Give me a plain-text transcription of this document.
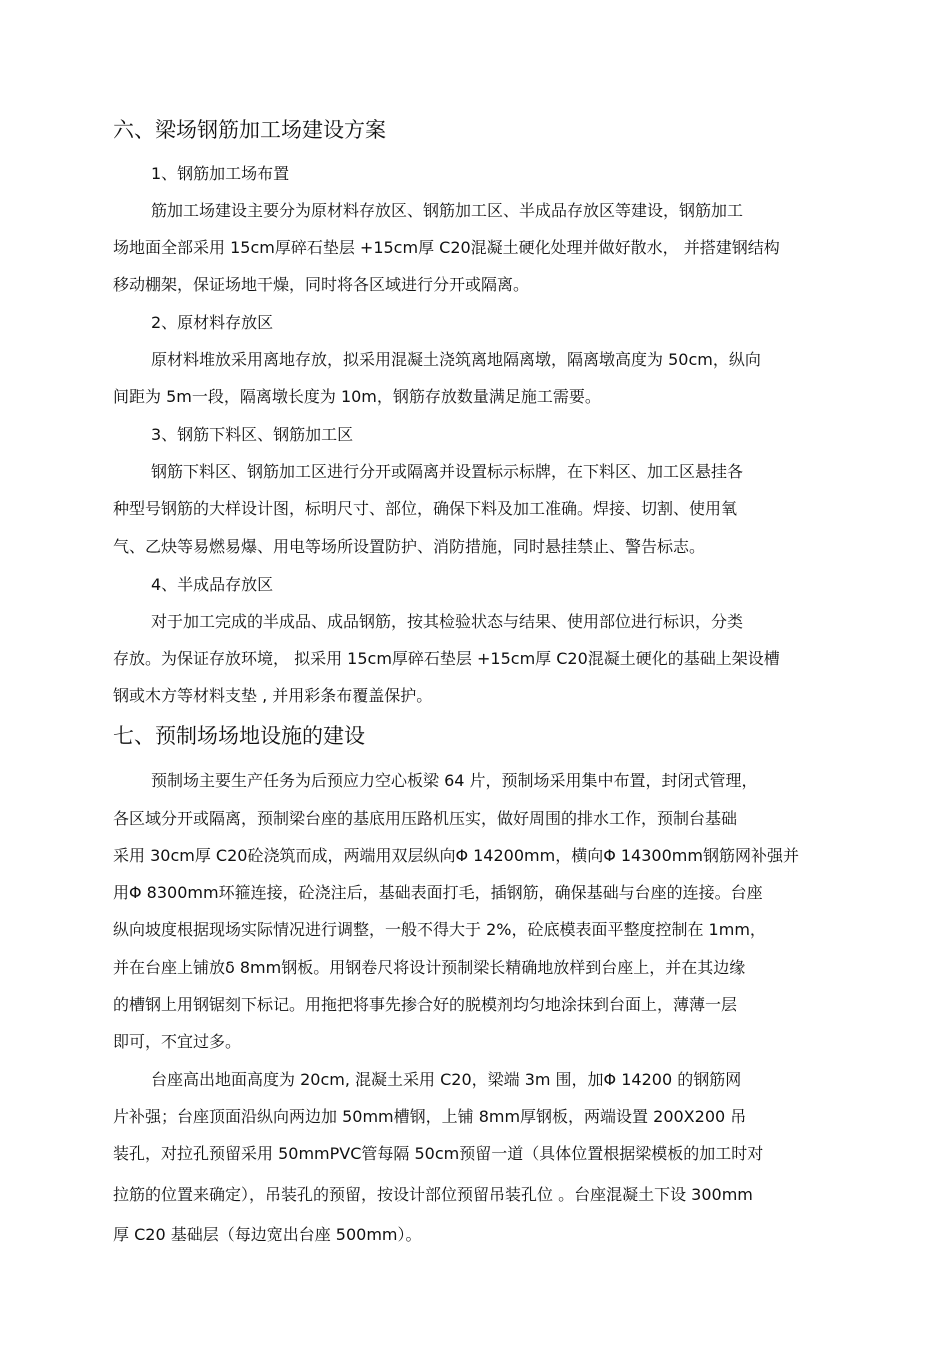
六、梁场钢筋加工场建设方案
1、钢筋加工场布置
筋加工场建设主要分为原材料存放区、钢筋加工区、半成品存放区等建设，钢筋加工
场地面全部采用 15cm厚碎石垫层 +15cm厚 C20混凝土硬化处理并做好散水， 并搭建钢结构
移动棚架，保证场地干燥，同时将各区域进行分开或隔离。
2、原材料存放区
原材料堆放采用离地存放，拟采用混凝土浇筑离地隔离墩，隔离墩高度为 50cm，纵向
间距为 5m一段，隔离墩长度为 10m，钢筋存放数量满足施工需要。
3、钢筋下料区、钢筋加工区
钢筋下料区、钢筋加工区进行分开或隔离并设置标示标牌，在下料区、加工区悬挂各
种型号钢筋的大样设计图，标明尺寸、部位，确保下料及加工准确。焊接、切割、使用氧
气、乙炔等易燃易爆、用电等场所设置防护、消防措施，同时悬挂禁止、警告标志。
4、半成品存放区
对于加工完成的半成品、成品钢筋，按其检验状态与结果、使用部位进行标识，分类
存放。为保证存放环境， 拟采用 15cm厚碎石垫层 +15cm厚 C20混凝土硬化的基础上架设槽
钢或木方等材料支垫 , 并用彩条布覆盖保护。
七、预制场场地设施的建设
预制场主要生产任务为后预应力空心板梁 64 片，预制场采用集中布置，封闭式管理，
各区域分开或隔离，预制梁台座的基底用压路机压实，做好周围的排水工作，预制台基础
采用 30cm厚 C20砼浇筑而成，两端用双层纵向Φ 14200mm，横向Φ 14300mm钢筋网补强并
用Φ 8300mm环箍连接，砼浇注后，基础表面打毛，插钢筋，确保基础与台座的连接。台座
纵向坡度根据现场实际情况进行调整，一般不得大于 2%，砼底模表面平整度控制在 1mm，
并在台座上铺放δ 8mm钢板。用钢卷尺将设计预制梁长精确地放样到台座上，并在其边缘
的槽钢上用钢锯刻下标记。用拖把将事先掺合好的脱模剂均匀地涂抹到台面上，薄薄一层
即可，不宜过多。
台座高出地面高度为 20cm, 混凝土采用 C20，梁端 3m 围，加Φ 14200 的钢筋网
片补强；台座顶面沿纵向两边加 50mm槽钢，上铺 8mm厚钢板，两端设置 200X200 吊
装孔，对拉孔预留采用 50mmPVC管每隔 50cm预留一道（具体位置根据梁模板的加工时对
拉筋的位置来确定），吊装孔的预留，按设计部位预留吊装孔位 。台座混凝土下设 300mm
厚 C20 基础层（每边宽出台座 500mm）。
